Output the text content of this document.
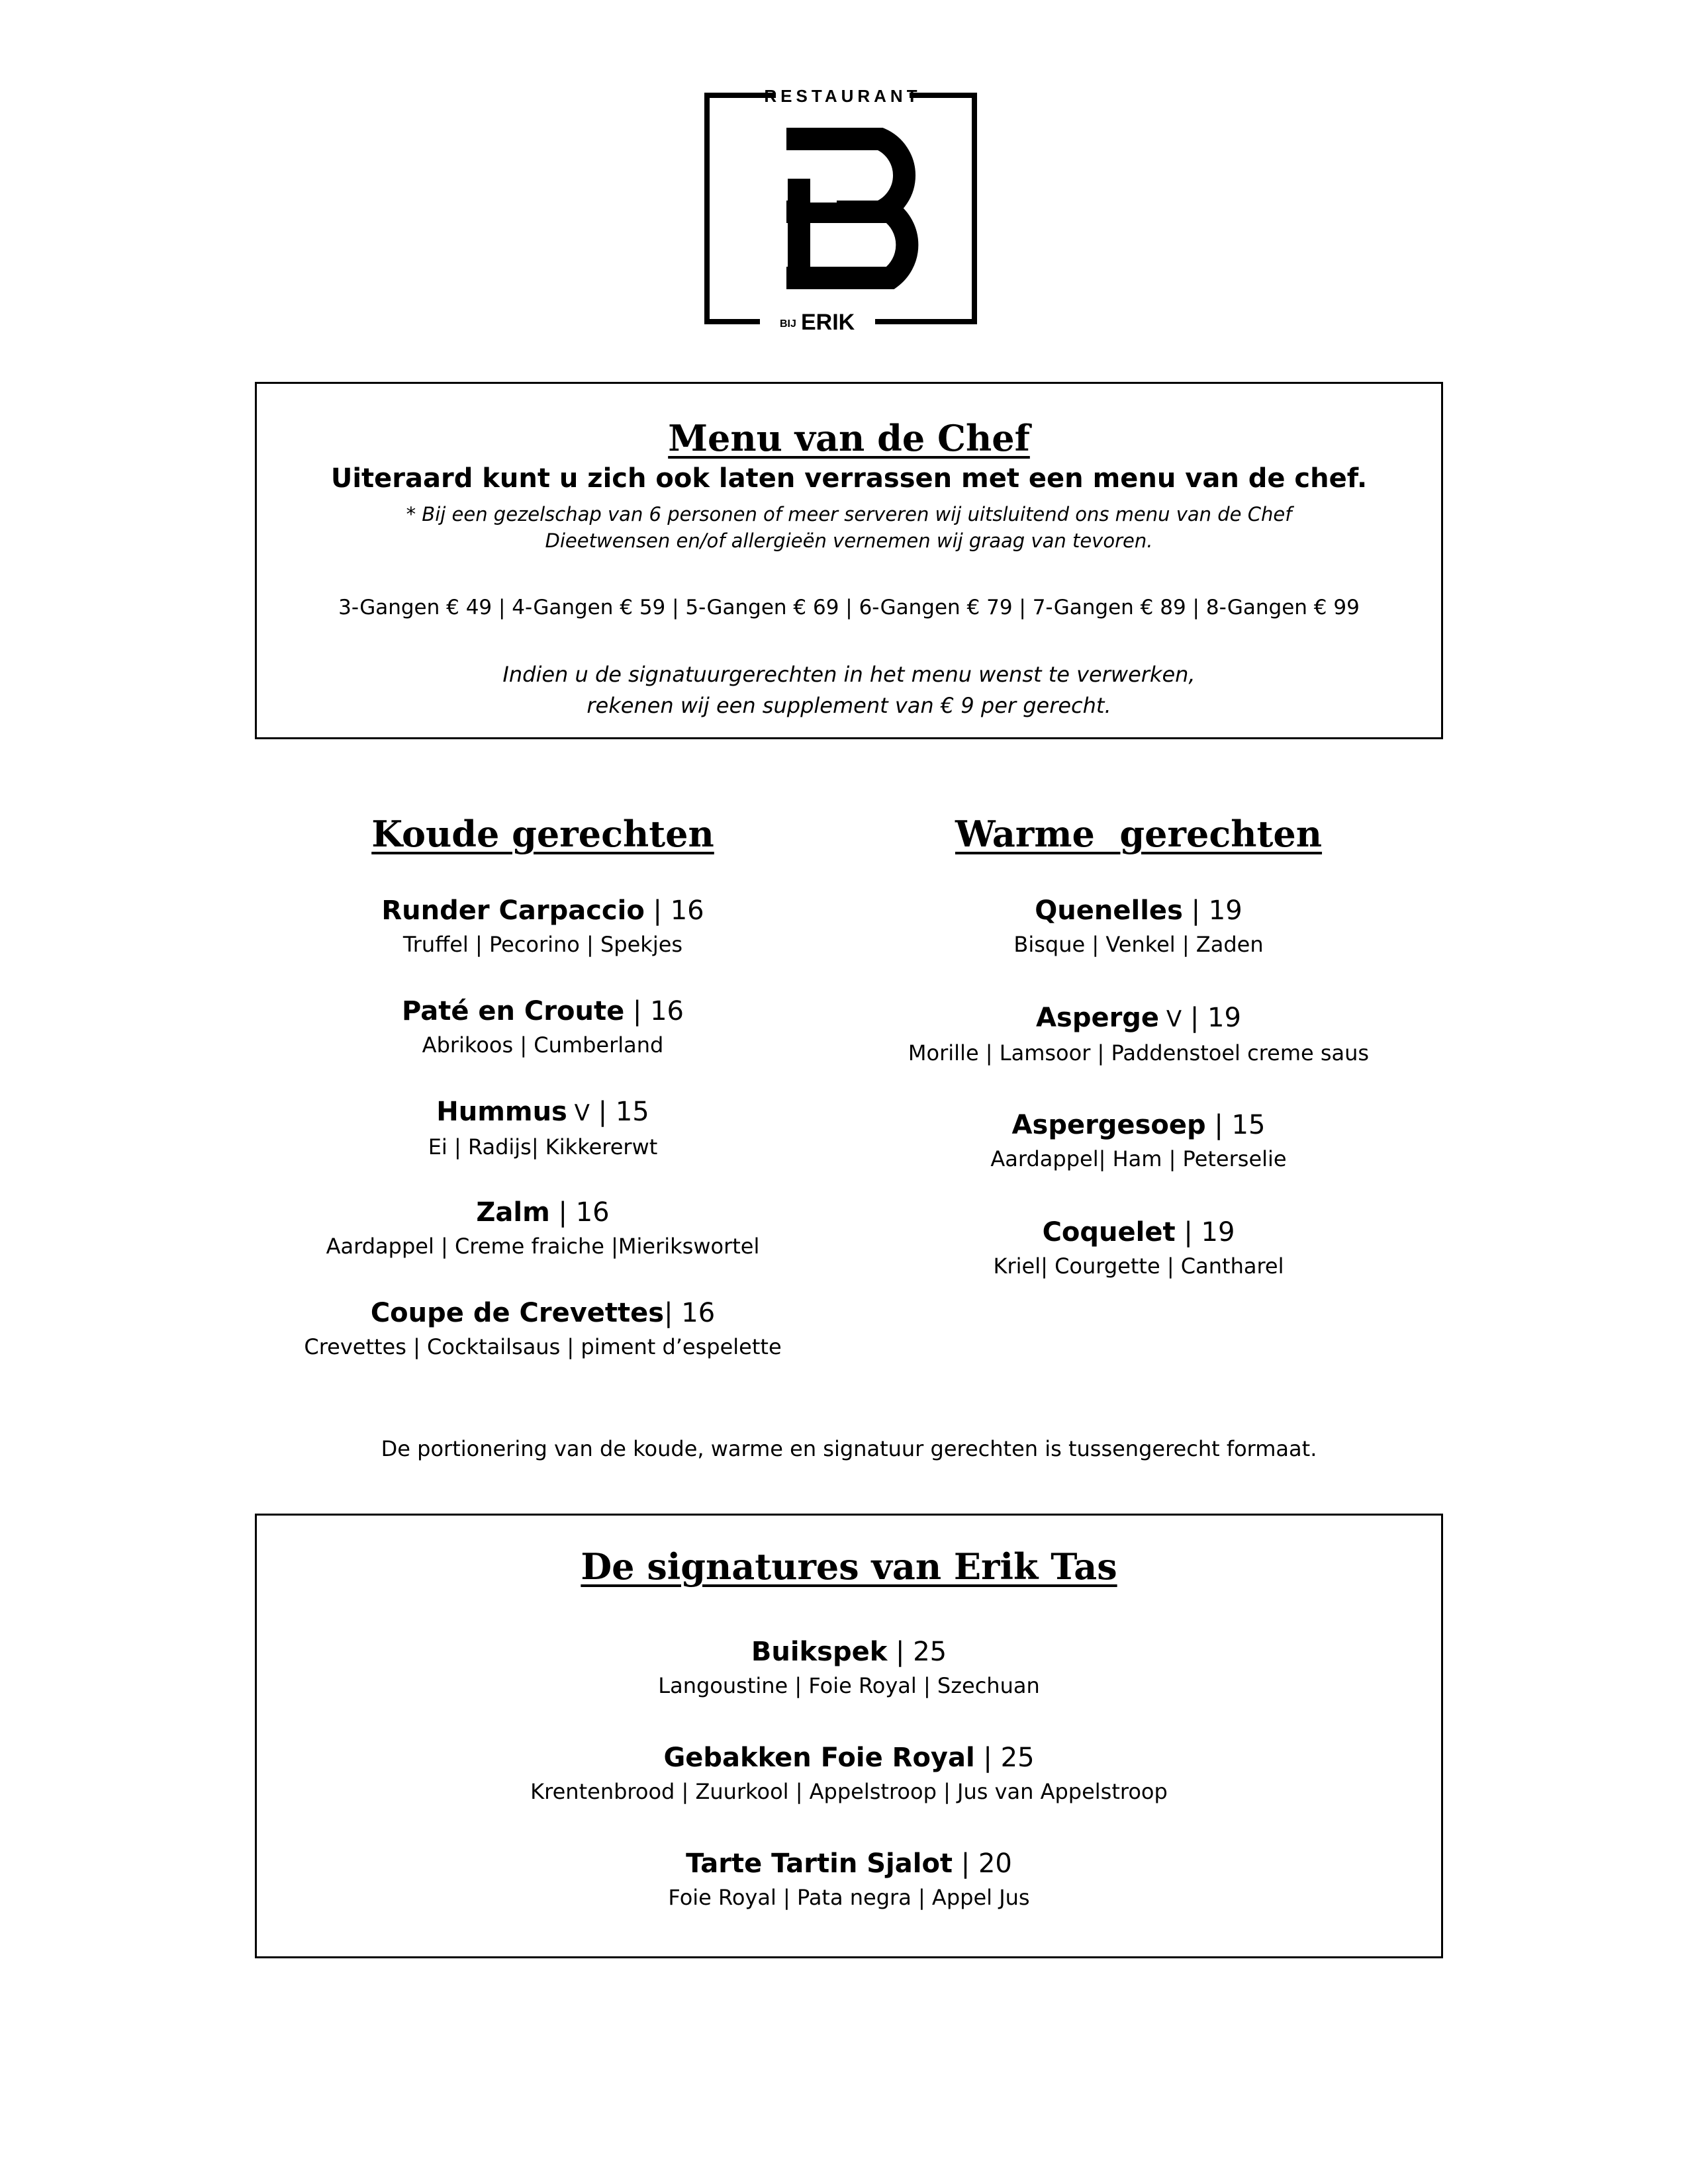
RESTAURANT
BIJ ERIK
Menu van de Chef
Uiteraard kunt u zich ook laten verrassen met een menu van de chef.
* Bij een gezelschap van 6 personen of meer serveren wij uitsluitend ons menu van de Chef
Dieetwensen en/of allergieën vernemen wij graag van tevoren.
3-Gangen € 49 | 4-Gangen € 59 | 5-Gangen € 69 | 6-Gangen € 79 | 7-Gangen € 89 | 8-Gangen € 99
Indien u de signatuurgerechten in het menu wenst te verwerken,
rekenen wij een supplement van € 9 per gerecht.
Koude gerechten
Runder Carpaccio | 16
Truffel | Pecorino | Spekjes
Paté en Croute | 16
Abrikoos | Cumberland
Hummus V | 15
Ei | Radijs| Kikkererwt
Zalm | 16
Aardappel | Creme fraiche |Mierikswortel
Coupe de Crevettes| 16
Crevettes | Cocktailsaus | piment d’espelette
Warme  gerechten
Quenelles | 19
Bisque | Venkel | Zaden
Asperge V | 19
Morille | Lamsoor | Paddenstoel creme saus
Aspergesoep | 15
Aardappel| Ham | Peterselie
Coquelet | 19
Kriel| Courgette | Cantharel
De portionering van de koude, warme en signatuur gerechten is tussengerecht formaat.
De signatures van Erik Tas
Buikspek | 25
Langoustine | Foie Royal | Szechuan
Gebakken Foie Royal | 25
Krentenbrood | Zuurkool | Appelstroop | Jus van Appelstroop
Tarte Tartin Sjalot | 20
Foie Royal | Pata negra | Appel Jus
